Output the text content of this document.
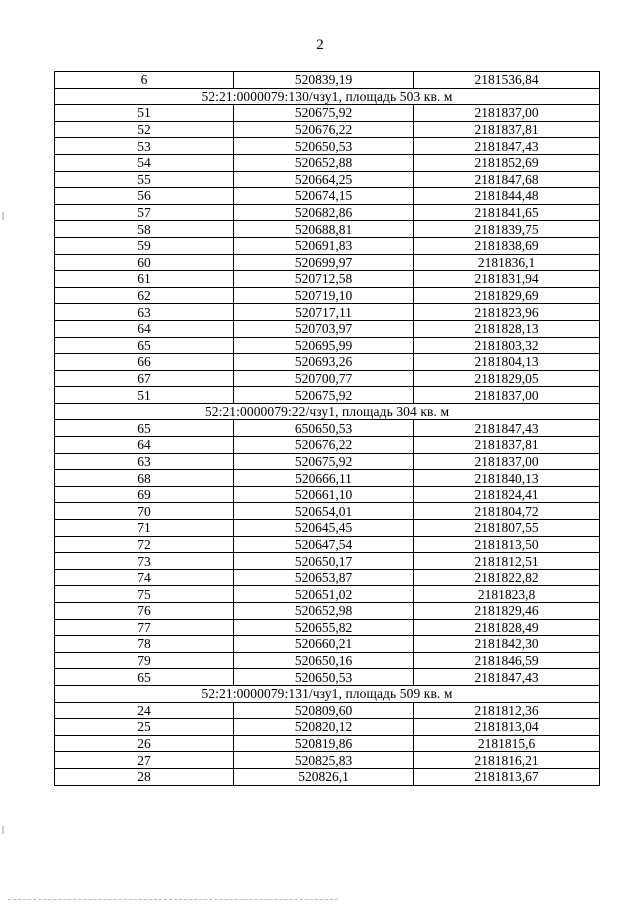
2
6	520839,19	2181536,84
52:21:0000079:130/чзу1, площадь 503 кв. м		
51	520675,92	2181837,00
52	520676,22	2181837,81
53	520650,53	2181847,43
54	520652,88	2181852,69
55	520664,25	2181847,68
56	520674,15	2181844,48
57	520682,86	2181841,65
58	520688,81	2181839,75
59	520691,83	2181838,69
60	520699,97	2181836,1
61	520712,58	2181831,94
62	520719,10	2181829,69
63	520717,11	2181823,96
64	520703,97	2181828,13
65	520695,99	2181803,32
66	520693,26	2181804,13
67	520700,77	2181829,05
51	520675,92	2181837,00
52:21:0000079:22/чзу1, площадь 304 кв. м		
65	650650,53	2181847,43
64	520676,22	2181837,81
63	520675,92	2181837,00
68	520666,11	2181840,13
69	520661,10	2181824,41
70	520654,01	2181804,72
71	520645,45	2181807,55
72	520647,54	2181813,50
73	520650,17	2181812,51
74	520653,87	2181822,82
75	520651,02	2181823,8
76	520652,98	2181829,46
77	520655,82	2181828,49
78	520660,21	2181842,30
79	520650,16	2181846,59
65	520650,53	2181847,43
52:21:0000079:131/чзу1, площадь 509 кв. м		
24	520809,60	2181812,36
25	520820,12	2181813,04
26	520819,86	2181815,6
27	520825,83	2181816,21
28	520826,1	2181813,67
